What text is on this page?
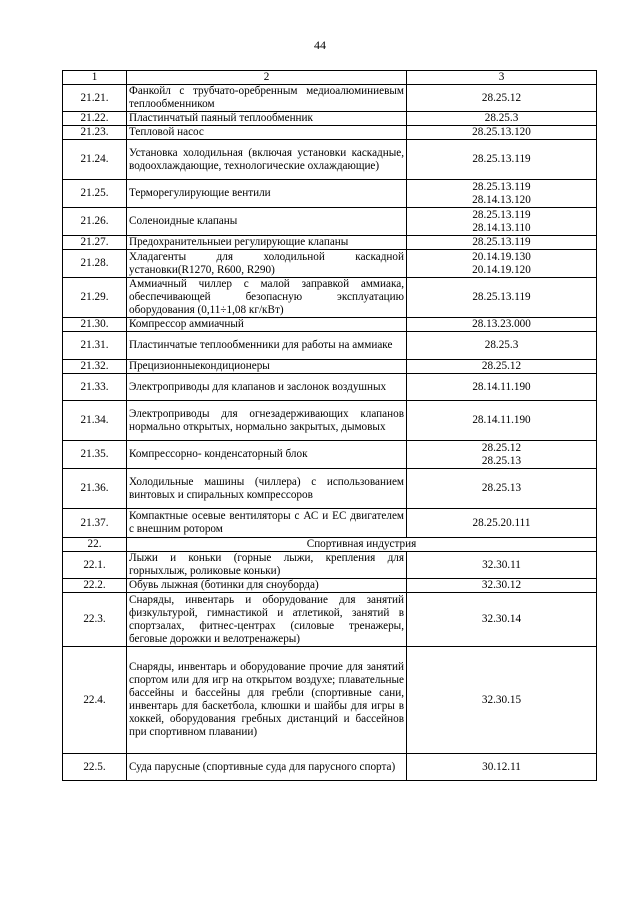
44
1	2	3
21.21.	Фанкойл с трубчато-оребренным медиоалюминиевым теплообменником	28.25.12
21.22.	Пластинчатый паяный теплообменник	28.25.3
21.23.	Тепловой насос	28.25.13.120
21.24.	Установка холодильная (включая установки каскадные, водоохлаждающие, технологические охлаждающие)	28.25.13.119
21.25.	Терморегулирующие вентили	28.25.13.119
28.14.13.120
21.26.	Соленоидные клапаны	28.25.13.119
28.14.13.110
21.27.	Предохранительныеи регулирующие клапаны	28.25.13.119
21.28.	Хладагенты для холодильной каскадной установки(R1270, R600, R290)	20.14.19.130
20.14.19.120
21.29.	Аммиачный чиллер с малой заправкой аммиака, обеспечивающей безопасную эксплуатацию оборудования (0,11÷1,08 кг/кВт)	28.25.13.119
21.30.	Компрессор аммиачный	28.13.23.000
21.31.	Пластинчатые теплообменники для работы на аммиаке	28.25.3
21.32.	Прецизионныекондиционеры	28.25.12
21.33.	Электроприводы для клапанов и заслонок воздушных	28.14.11.190
21.34.	Электроприводы для огнезадерживающих клапанов нормально открытых, нормально закрытых, дымовых	28.14.11.190
21.35.	Компрессорно- конденсаторный блок	28.25.12
28.25.13
21.36.	Холодильные машины (чиллера) с использованием винтовых и спиральных компрессоров	28.25.13
21.37.	Компактные осевые вентиляторы с АС и ЕС двигателем с внешним ротором	28.25.20.111
22.	Спортивная индустрия	
22.1.	Лыжи и коньки (горные лыжи, крепления для горныхлыж, роликовые коньки)	32.30.11
22.2.	Обувь лыжная (ботинки для сноуборда)	32.30.12
22.3.	Снаряды, инвентарь и оборудование для занятий физкультурой, гимнастикой и атлетикой, занятий в спортзалах, фитнес-центрах (силовые тренажеры, беговые дорожки и велотренажеры)	32.30.14
22.4.	Снаряды, инвентарь и оборудование прочие для занятий спортом или для игр на открытом воздухе; плавательные бассейны и бассейны для гребли (спортивные сани, инвентарь для баскетбола, клюшки и шайбы для игры в хоккей, оборудования гребных дистанций и бассейнов при спортивном плавании)	32.30.15
22.5.	Суда парусные (спортивные суда для парусного спорта)	30.12.11
